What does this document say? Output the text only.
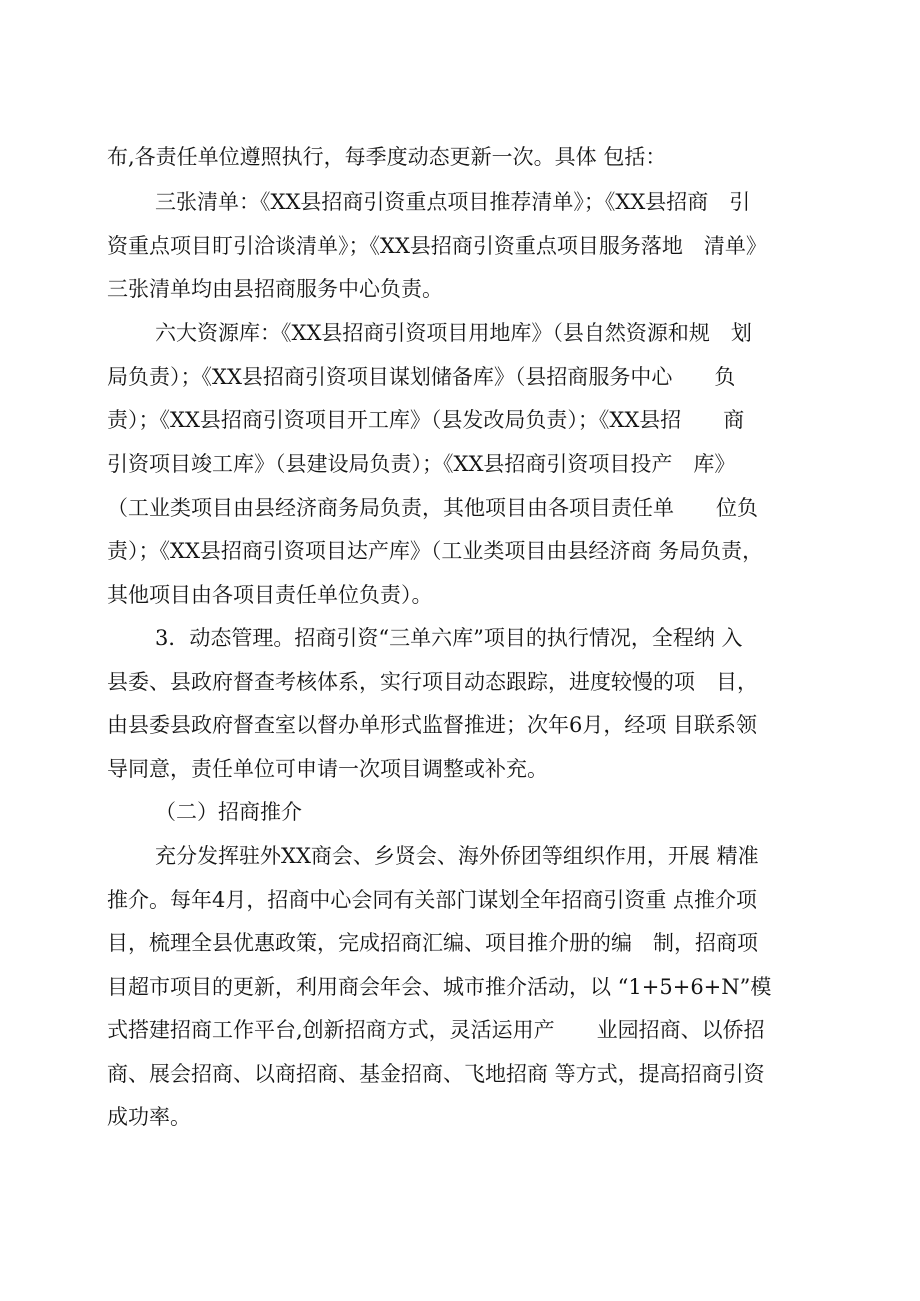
布,各责任单位遵照执行，每季度动态更新一次。具体 包括：

三张清单：《XX县招商引资重点项目推荐清单》；《XX县招商　引

资重点项目盯引洽谈清单》；《XX县招商引资重点项目服务落地　清单》

三张清单均由县招商服务中心负责。

六大资源库：《XX县招商引资项目用地库》（县自然资源和规　划

局负责）；《XX县招商引资项目谋划储备库》（县招商服务中心　　负

责）；《XX县招商引资项目开工库》（县发改局负责）；《XX县招　　商

引资项目竣工库》（县建设局负责）；《XX县招商引资项目投产　库》

（工业类项目由县经济商务局负责，其他项目由各项目责任单　　位负

责）；《XX县招商引资项目达产库》（工业类项目由县经济商 务局负责，

其他项目由各项目责任单位负责）。

3．动态管理。招商引资“三单六库”项目的执行情况，全程纳 入

县委、县政府督查考核体系，实行项目动态跟踪，进度较慢的项　目，

由县委县政府督查室以督办单形式监督推进；次年6月，经项 目联系领

导同意，责任单位可申请一次项目调整或补充。

（二）招商推介

充分发挥驻外XX商会、乡贤会、海外侨团等组织作用，开展 精准

推介。每年4月，招商中心会同有关部门谋划全年招商引资重 点推介项

目，梳理全县优惠政策，完成招商汇编、项目推介册的编　制，招商项

目超市项目的更新，利用商会年会、城市推介活动，以 “1+5+6+N”模

式搭建招商工作平台,创新招商方式，灵活运用产　　业园招商、以侨招

商、展会招商、以商招商、基金招商、飞地招商 等方式，提高招商引资

成功率。
